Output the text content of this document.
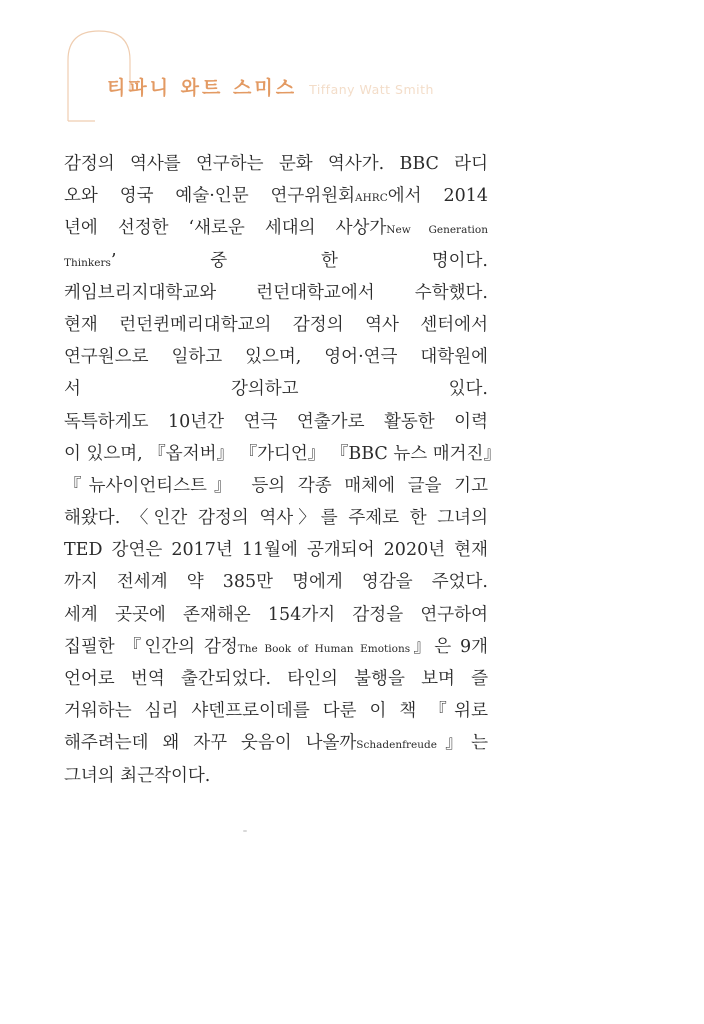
티파니 와트 스미스 Tiffany Watt Smith
감정의 역사를 연구하는 문화 역사가. BBC 라디
오와 영국 예술·인문 연구위원회AHRC에서 2014
년에 선정한 ‘새로운 세대의 사상가New Generation
Thinkers’ 중 한 명이다.
케임브리지대학교와 런던대학교에서 수학했다.
현재 런던퀸메리대학교의 감정의 역사 센터에서
연구원으로 일하고 있으며, 영어·연극 대학원에
서 강의하고 있다.
독특하게도 10년간 연극 연출가로 활동한 이력
이 있으며, 『옵저버』 『가디언』 『BBC 뉴스 매거진』
『뉴사이언티스트』 등의 각종 매체에 글을 기고
해왔다. 〈인간 감정의 역사〉를 주제로 한 그녀의
TED 강연은 2017년 11월에 공개되어 2020년 현재
까지 전세계 약 385만 명에게 영감을 주었다.
세계 곳곳에 존재해온 154가지 감정을 연구하여
집필한 『인간의 감정The Book of Human Emotions』은 9개
언어로 번역 출간되었다. 타인의 불행을 보며 즐
거워하는 심리 샤덴프로이데를 다룬 이 책 『위로
해주려는데 왜 자꾸 웃음이 나올까Schadenfreude』는
그녀의 최근작이다.
